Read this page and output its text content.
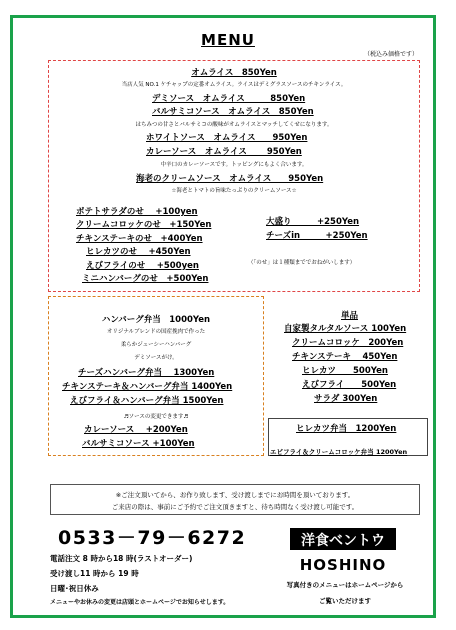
MENU
（税込み価格です）
オムライス　850Yen
当店人気 NO.1 ケチャップの定番オムライス。ライスはデミグラスソースのチキンライス。
デミソース　オムライス　　　850Yen
バルサミコソース　オムライス　850Yen
はちみつの甘さとバルサミコの酸味がオムライスとマッチしてくせになります。
ホワイトソース　オムライス　　950Yen
カレーソース　オムライス　　 950Yen
中辛口のカレーソースです。トッピングにもよく合います。
海老のクリームソース　オムライス　　950Yen
☆海老とトマトの旨味たっぷりのクリームソース☆
ポテトサラダのせ　 +100yen
クリームコロッケのせ　+150Yen
チキンステーキのせ　+400Yen
ヒレカツのせ　 +450Yen
えびフライのせ　 +500yen
ミニハンバーグのせ　+500Yen
大盛り　　　+250Yen
チーズin　　　+250Yen
（「のせ」は１種類まででおねがいします）
ハンバーグ弁当　1000Yen
オリジナルブレンドの国産挽肉で作った
柔らかジューシーハンバーグ
デミソースがけ。
チーズハンバーグ弁当　 1300Yen
チキンステーキ＆ハンバーグ弁当 1400Yen
えびフライ＆ハンバーグ弁当 1500Yen
♬ソースの変更できます♬
カレーソース　 +200Yen
バルサミコソース +100Yen
単品
自家製タルタルソース 100Yen
クリームコロッケ　200Yen
チキンステーキ　 450Yen
ヒレカツ　　500Yen
えびフライ　　500Yen
サラダ 300Yen
ヒレカツ弁当　1200Yen
エビフライ＆クリームコロッケ弁当 1200Yen
※ご注文頂いてから、お作り致します、受け渡しまでにお時間を頂いております。
ご来店の際は、事前にご予約でご注文頂きますと、待ち時間なく受け渡し可能です。
0533－79－6272
電話注文 8 時から18 時(ラストオーダー)
受け渡し11 時から 19 時
日曜･祝日休み
メニューやお休みの変更は店頭とホームページでお知らせします。
洋食ベントウ
HOSHINO
写真付きのメニューはホームページから
ご覧いただけます
